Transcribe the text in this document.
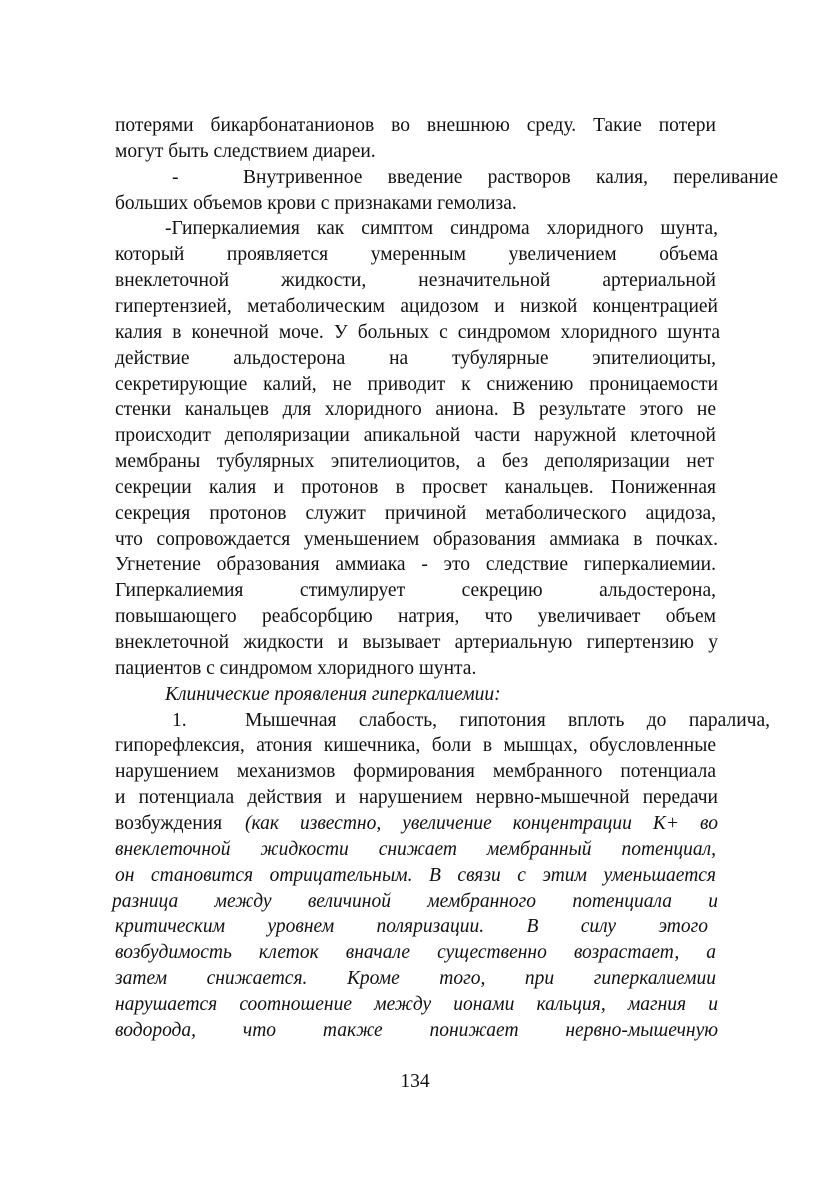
потерями бикарбонатанионов во внешнюю среду. Такие потери
могут быть следствием диареи.
-	Внутривенное введение растворов калия, переливание
больших объемов крови с признаками гемолиза.
-Гиперкалиемия как симптом синдрома хлоридного шунта,
который проявляется умеренным увеличением объема
внеклеточной жидкости, незначительной артериальной
гипертензией, метаболическим ацидозом и низкой концентрацией
калия в конечной моче. У больных с синдромом хлоридного шунта
действие альдостерона на тубулярные эпителиоциты,
секретирующие калий, не приводит к снижению проницаемости
стенки канальцев для хлоридного аниона. В результате этого не
происходит деполяризации апикальной части наружной клеточной
мембраны тубулярных эпителиоцитов, а без деполяризации нет
секреции калия и протонов в просвет канальцев. Пониженная
секреция протонов служит причиной метаболического ацидоза,
что сопровождается уменьшением образования аммиака в почках.
Угнетение образования аммиака - это следствие гиперкалиемии.
Гиперкалиемия стимулирует секрецию альдостерона,
повышающего реабсорбцию натрия, что увеличивает объем
внеклеточной жидкости и вызывает артериальную гипертензию у
пациентов с синдромом хлоридного шунта.
Клинические проявления гиперкалиемии:
1.	Мышечная слабость, гипотония вплоть до паралича,
гипорефлексия, атония кишечника, боли в мышцах, обусловленные
нарушением механизмов формирования мембранного потенциала
и потенциала действия и нарушением нервно-мышечной передачи
возбуждения (как известно, увеличение концентрации K+ во
внеклеточной жидкости снижает мембранный потенциал,
он становится отрицательным. В связи с этим уменьшается
разница между величиной мембранного потенциала и
критическим уровнем поляризации. В силу этого
возбудимость клеток вначале существенно возрастает, а
затем снижается. Кроме того, при гиперкалиемии
нарушается соотношение между ионами кальция, магния и
водорода, что также понижает нервно-мышечную
134
